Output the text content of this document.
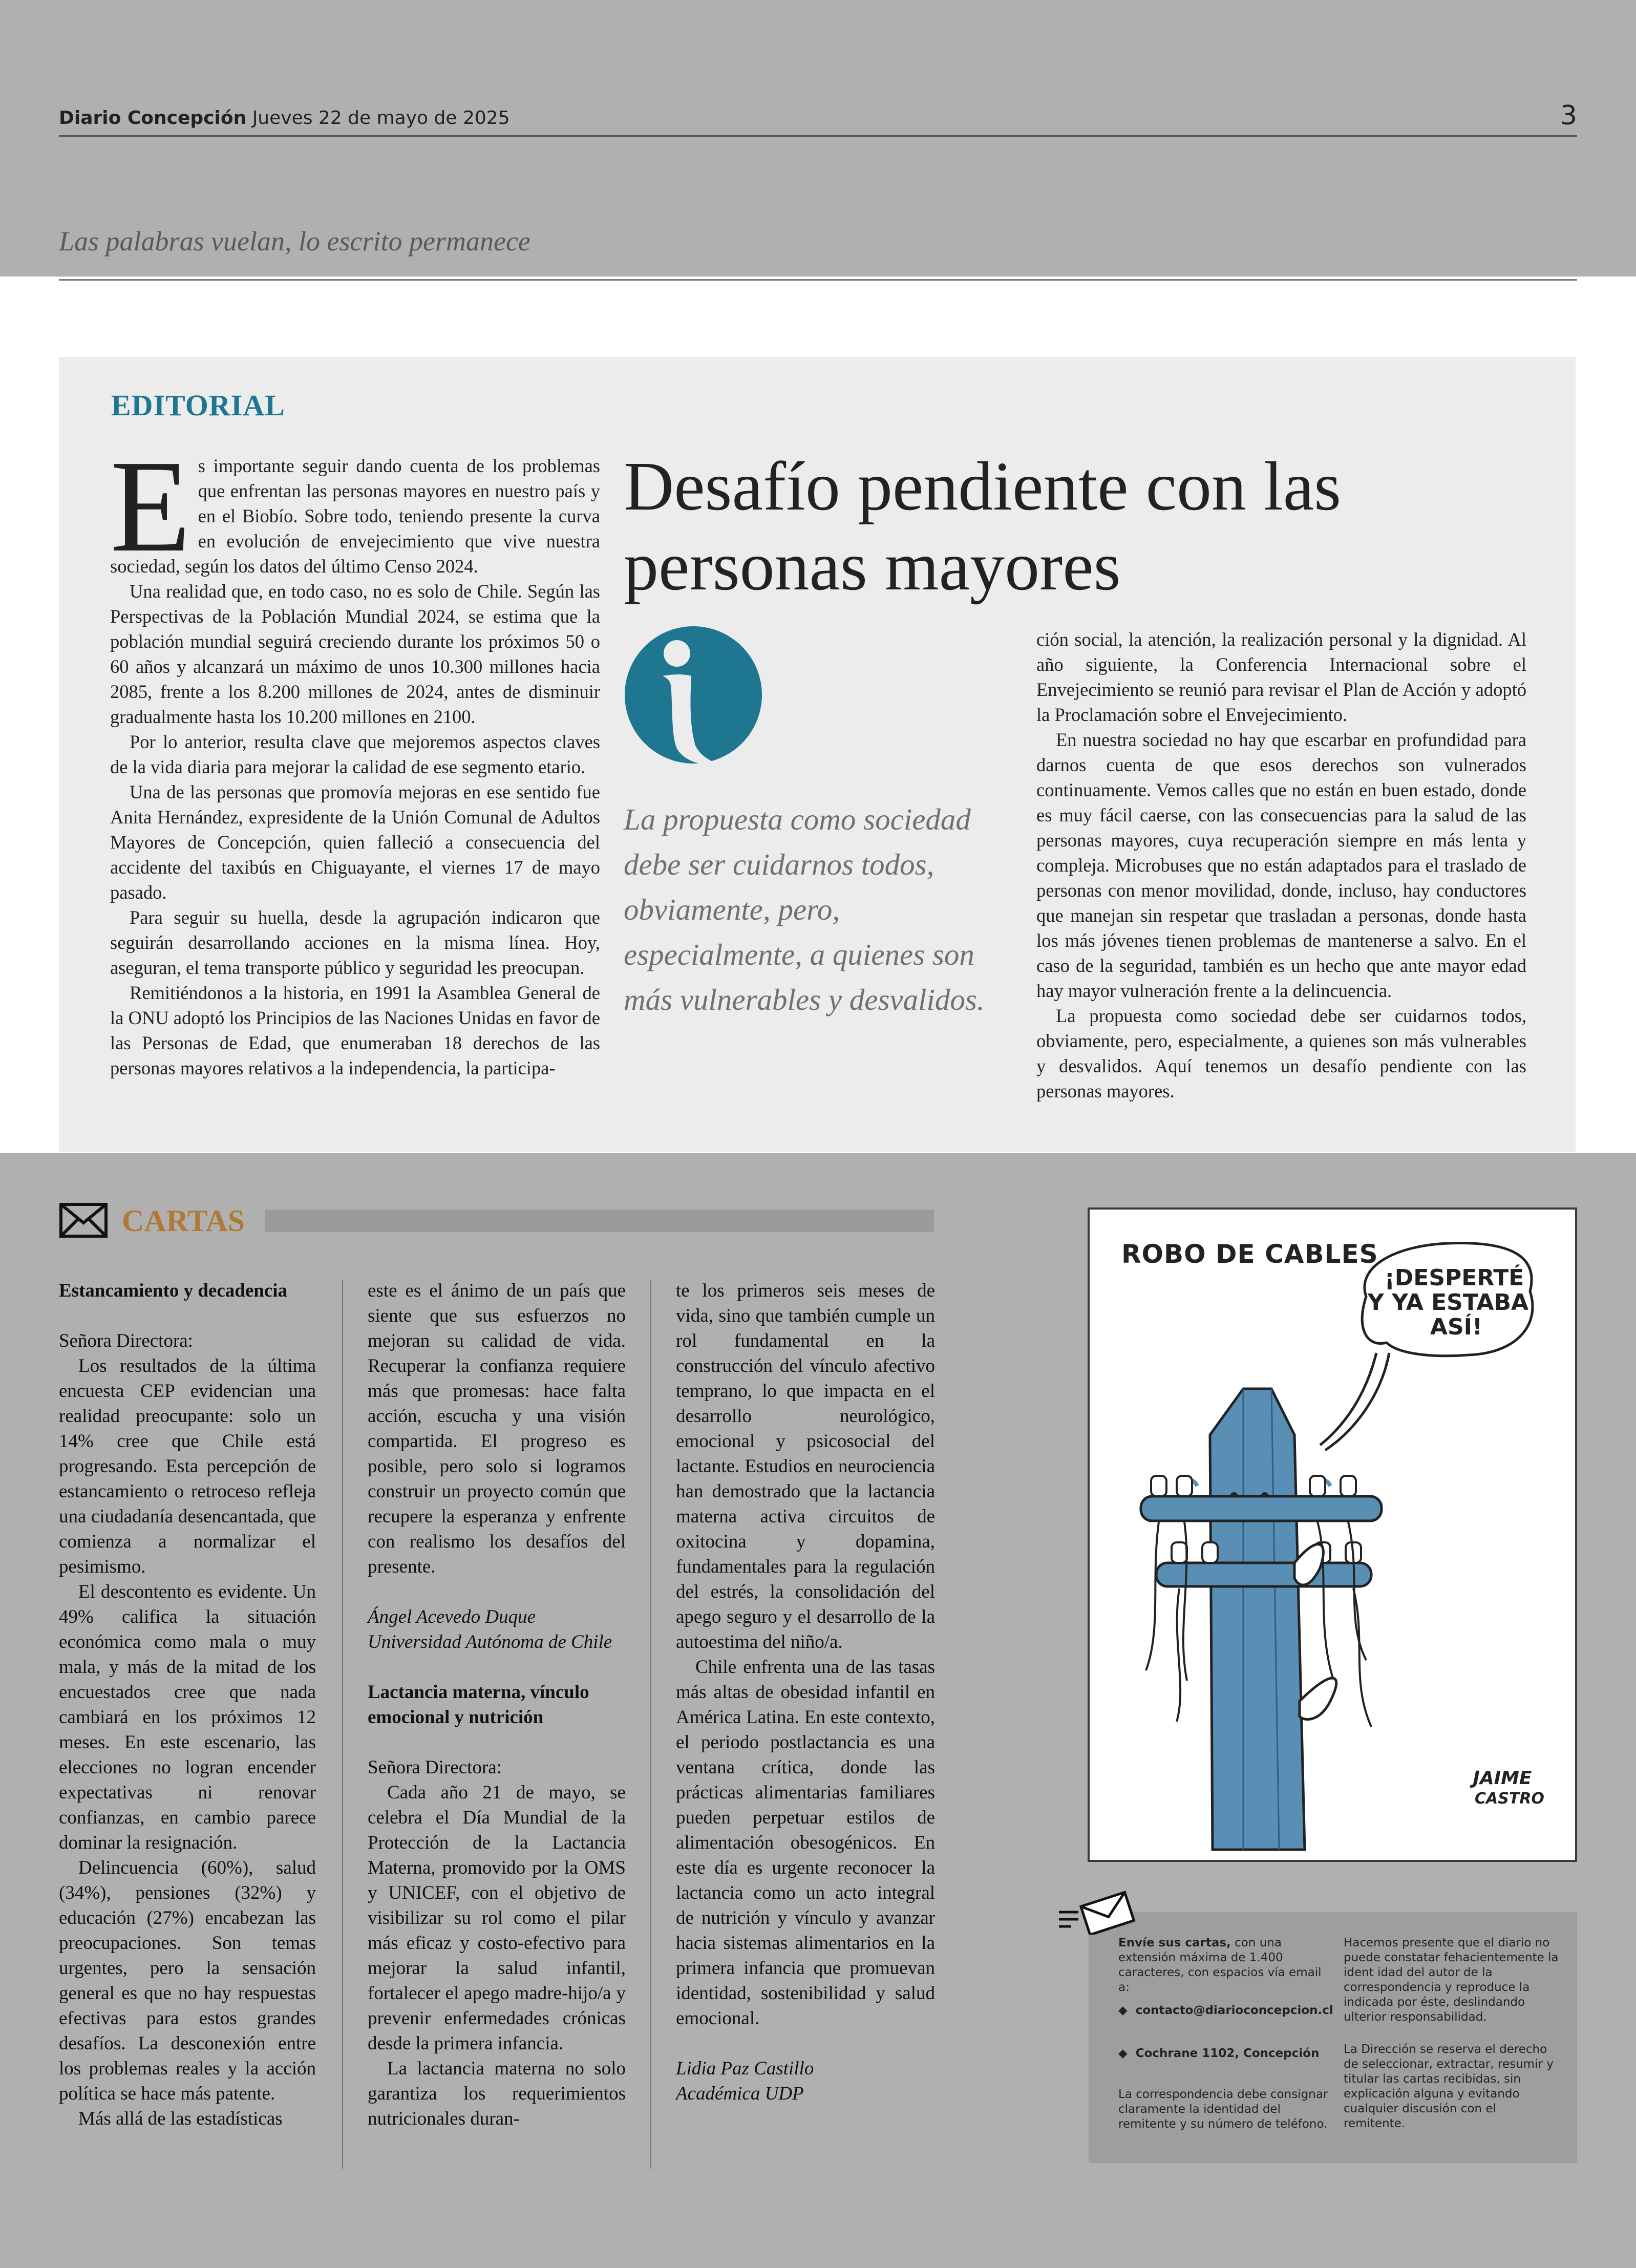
Diario Concepción Jueves 22 de mayo de 2025	3
Las palabras vuelan, lo escrito permanece
EDITORIAL

Es importante seguir dando cuenta de los problemas que enfrentan las personas mayores en nuestro país y en el Biobío. Sobre todo, teniendo presente la curva en evolución de envejecimiento que vive nuestra sociedad, según los datos del último Censo 2024.

Una realidad que, en todo caso, no es solo de Chile. Según las Perspectivas de la Población Mundial 2024, se estima que la población mundial seguirá creciendo durante los próximos 50 o 60 años y alcanzará un máximo de unos 10.300 millones hacia 2085, frente a los 8.200 millones de 2024, antes de disminuir gradualmente hasta los 10.200 millones en 2100.

Por lo anterior, resulta clave que mejoremos aspectos claves de la vida diaria para mejorar la calidad de ese segmento etario.

Una de las personas que promovía mejoras en ese sentido fue Anita Hernández, expresidente de la Unión Comunal de Adultos Mayores de Concepción, quien falleció a consecuencia del accidente del taxibús en Chiguayante, el viernes 17 de mayo pasado.

Para seguir su huella, desde la agrupación indicaron que seguirán desarrollando acciones en la misma línea. Hoy, aseguran, el tema transporte público y seguridad les preocupan.

Remitiéndonos a la historia, en 1991 la Asamblea General de la ONU adoptó los Principios de las Naciones Unidas en favor de las Personas de Edad, que enumeraban 18 derechos de las personas mayores relativos a la independencia, la participa-

Desafío pendiente con las personas mayores
La propuesta como sociedad debe ser cuidarnos todos, obviamente, pero, especialmente, a quienes son más vulnerables y desvalidos.

ción social, la atención, la realización personal y la dignidad. Al año siguiente, la Conferencia Internacional sobre el Envejecimiento se reunió para revisar el Plan de Acción y adoptó la Proclamación sobre el Envejecimiento.

En nuestra sociedad no hay que escarbar en profundidad para darnos cuenta de que esos derechos son vulnerados continuamente. Vemos calles que no están en buen estado, donde es muy fácil caerse, con las consecuencias para la salud de las personas mayores, cuya recuperación siempre en más lenta y compleja. Microbuses que no están adaptados para el traslado de personas con menor movilidad, donde, incluso, hay conductores que manejan sin respetar que trasladan a personas, donde hasta los más jóvenes tienen problemas de mantenerse a salvo. En el caso de la seguridad, también es un hecho que ante mayor edad hay mayor vulneración frente a la delincuencia.

La propuesta como sociedad debe ser cuidarnos todos, obviamente, pero, especialmente, a quienes son más vulnerables y desvalidos. Aquí tenemos un desafío pendiente con las personas mayores.

CARTAS

Estancamiento y decadencia

Señora Directora:

Los resultados de la última encuesta CEP evidencian una realidad preocupante: solo un 14% cree que Chile está progresando. Esta percepción de estancamiento o retroceso refleja una ciudadanía desencantada, que comienza a normalizar el pesimismo.

El descontento es evidente. Un 49% califica la situación económica como mala o muy mala, y más de la mitad de los encuestados cree que nada cambiará en los próximos 12 meses. En este escenario, las elecciones no logran encender expectativas ni renovar confianzas, en cambio parece dominar la resignación.

Delincuencia (60%), salud (34%), pensiones (32%) y educación (27%) encabezan las preocupaciones. Son temas urgentes, pero la sensación general es que no hay respuestas efectivas para estos grandes desafíos. La desconexión entre los problemas reales y la acción política se hace más patente.

Más allá de las estadísticas

este es el ánimo de un país que siente que sus esfuerzos no mejoran su calidad de vida. Recuperar la confianza requiere más que promesas: hace falta acción, escucha y una visión compartida. El progreso es posible, pero solo si logramos construir un proyecto común que recupere la esperanza y enfrente con realismo los desafíos del presente.

Ángel Acevedo Duque

Universidad Autónoma de Chile

Lactancia materna, vínculo emocional y nutrición

Señora Directora:

Cada año 21 de mayo, se celebra el Día Mundial de la Protección de la Lactancia Materna, promovido por la OMS y UNICEF, con el objetivo de visibilizar su rol como el pilar más eficaz y costo-efectivo para mejorar la salud infantil, fortalecer el apego madre-hijo/a y prevenir enfermedades crónicas desde la primera infancia.

La lactancia materna no solo garantiza los requerimientos nutricionales duran-

te los primeros seis meses de vida, sino que también cumple un rol fundamental en la construcción del vínculo afectivo temprano, lo que impacta en el desarrollo neurológico, emocional y psicosocial del lactante. Estudios en neurociencia han demostrado que la lactancia materna activa circuitos de oxitocina y dopamina, fundamentales para la regulación del estrés, la consolidación del apego seguro y el desarrollo de la autoestima del niño/a.

Chile enfrenta una de las tasas más altas de obesidad infantil en América Latina. En este contexto, el periodo postlactancia es una ventana crítica, donde las prácticas alimentarias familiares pueden perpetuar estilos de alimentación obesogénicos. En este día es urgente reconocer la lactancia como un acto integral de nutrición y vínculo y avanzar hacia sistemas alimentarios en la primera infancia que promuevan identidad, sostenibilidad y salud emocional.

Lidia Paz Castillo

Académica UDP

¡DESPERTÉ
Y YA ESTABA
ASÍ!
JAIME
CASTRO
ROBO DE CABLES
Envíe sus cartas, con una extensión máxima de 1.400 caracteres, con espacios vía email a:
◆  contacto@diarioconcepcion.cl
◆  Cochrane 1102, Concepción
La correspondencia debe consignar claramente la identidad del remitente y su número de teléfono.
Hacemos presente que el diario no puede constatar fehacientemente la ident idad del autor de la correspondencia y reproduce la indicada por éste, deslindando ulterior responsabilidad.
La Dirección se reserva el derecho de seleccionar, extractar, resumir y titular las cartas recibidas, sin explicación alguna y evitando cualquier discusión con el remitente.
